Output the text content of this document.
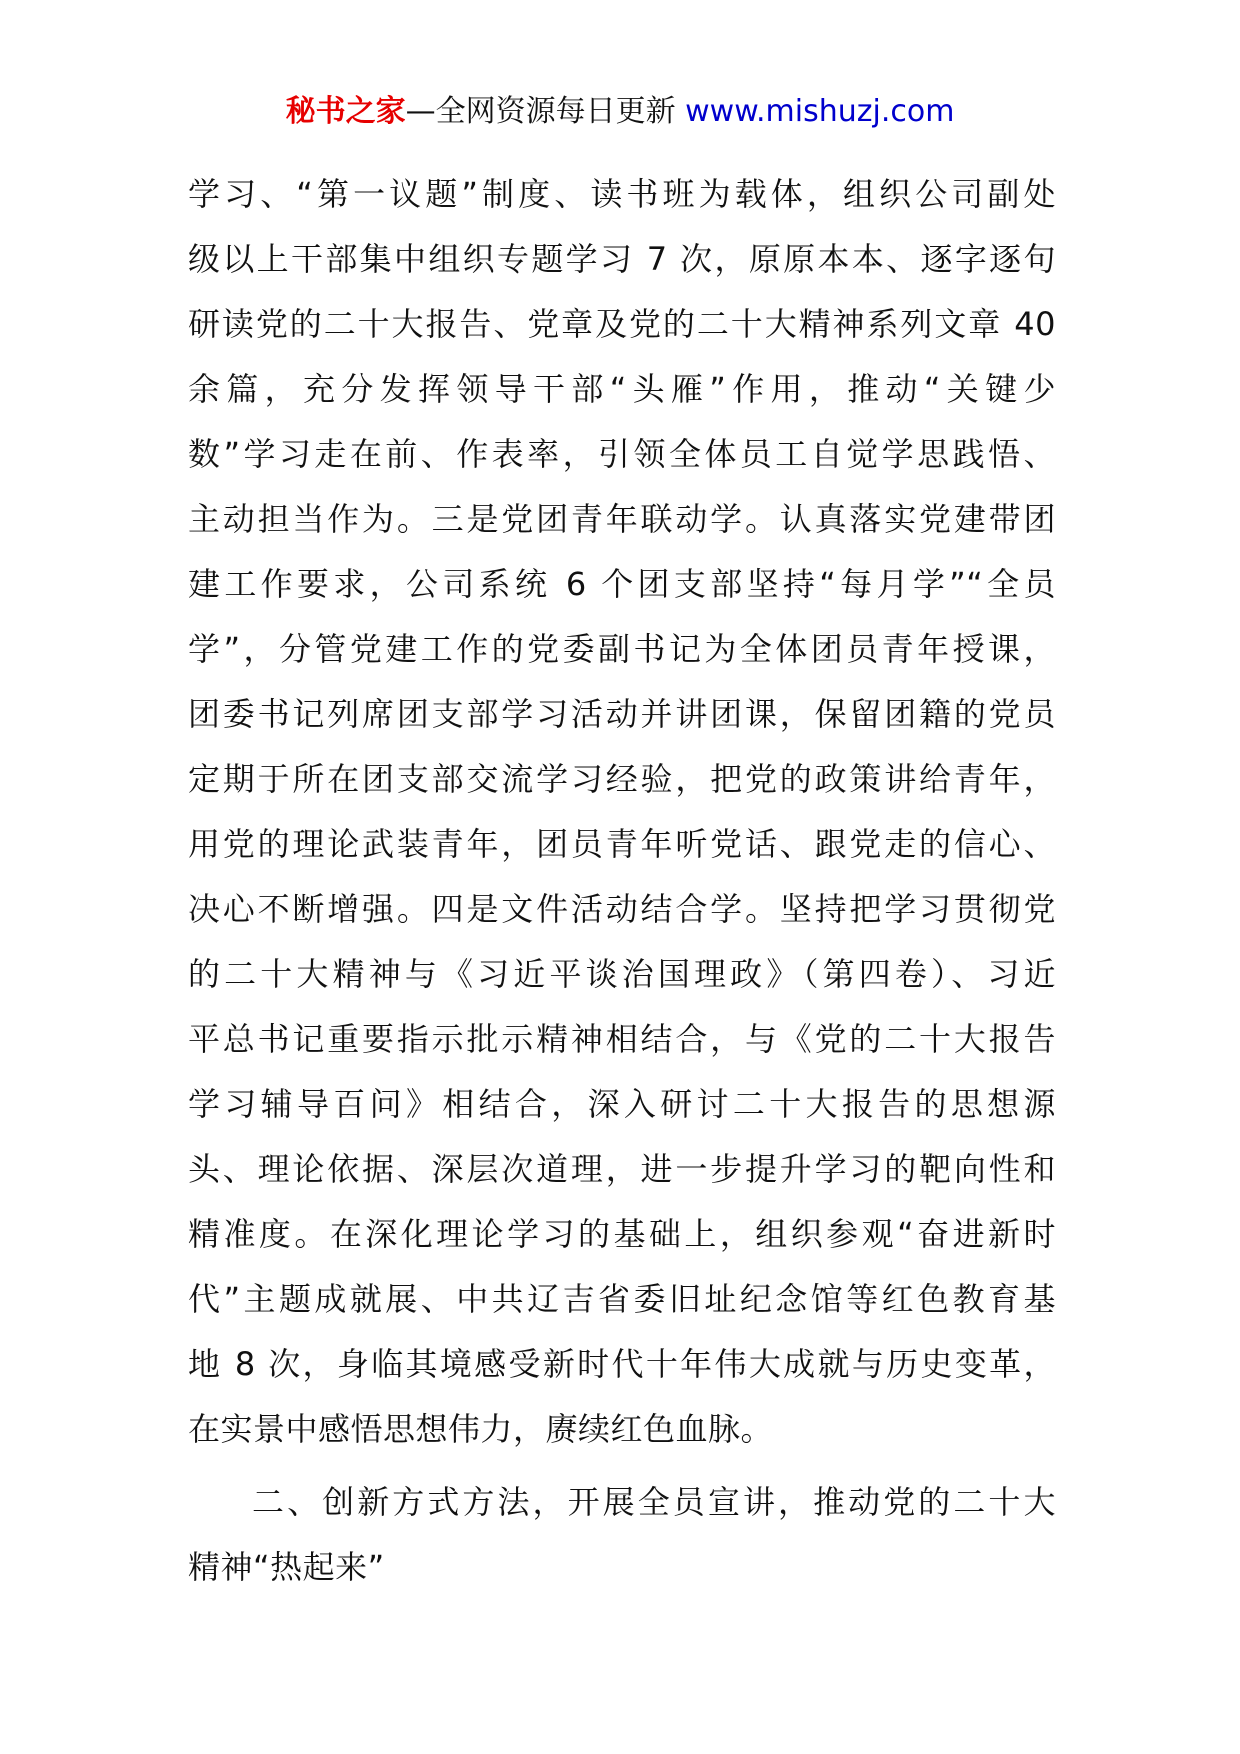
秘书之家—全网资源每日更新 www.mishuzj.com
学习、“第一议题”制度、读书班为载体，组织公司副处
级以上干部集中组织专题学习 7 次，原原本本、逐字逐句
研读党的二十大报告、党章及党的二十大精神系列文章 40
余篇，充分发挥领导干部“头雁”作用，推动“关键少
数”学习走在前、作表率，引领全体员工自觉学思践悟、
主动担当作为。三是党团青年联动学。认真落实党建带团
建工作要求，公司系统 6 个团支部坚持“每月学”“全员
学”，分管党建工作的党委副书记为全体团员青年授课，
团委书记列席团支部学习活动并讲团课，保留团籍的党员
定期于所在团支部交流学习经验，把党的政策讲给青年，
用党的理论武装青年，团员青年听党话、跟党走的信心、
决心不断增强。四是文件活动结合学。坚持把学习贯彻党
的二十大精神与《习近平谈治国理政》（第四卷）、习近
平总书记重要指示批示精神相结合，与《党的二十大报告
学习辅导百问》相结合，深入研讨二十大报告的思想源
头、理论依据、深层次道理，进一步提升学习的靶向性和
精准度。在深化理论学习的基础上，组织参观“奋进新时
代”主题成就展、中共辽吉省委旧址纪念馆等红色教育基
地 8 次，身临其境感受新时代十年伟大成就与历史变革，
在实景中感悟思想伟力，赓续红色血脉。
二、创新方式方法，开展全员宣讲，推动党的二十大
精神“热起来”
